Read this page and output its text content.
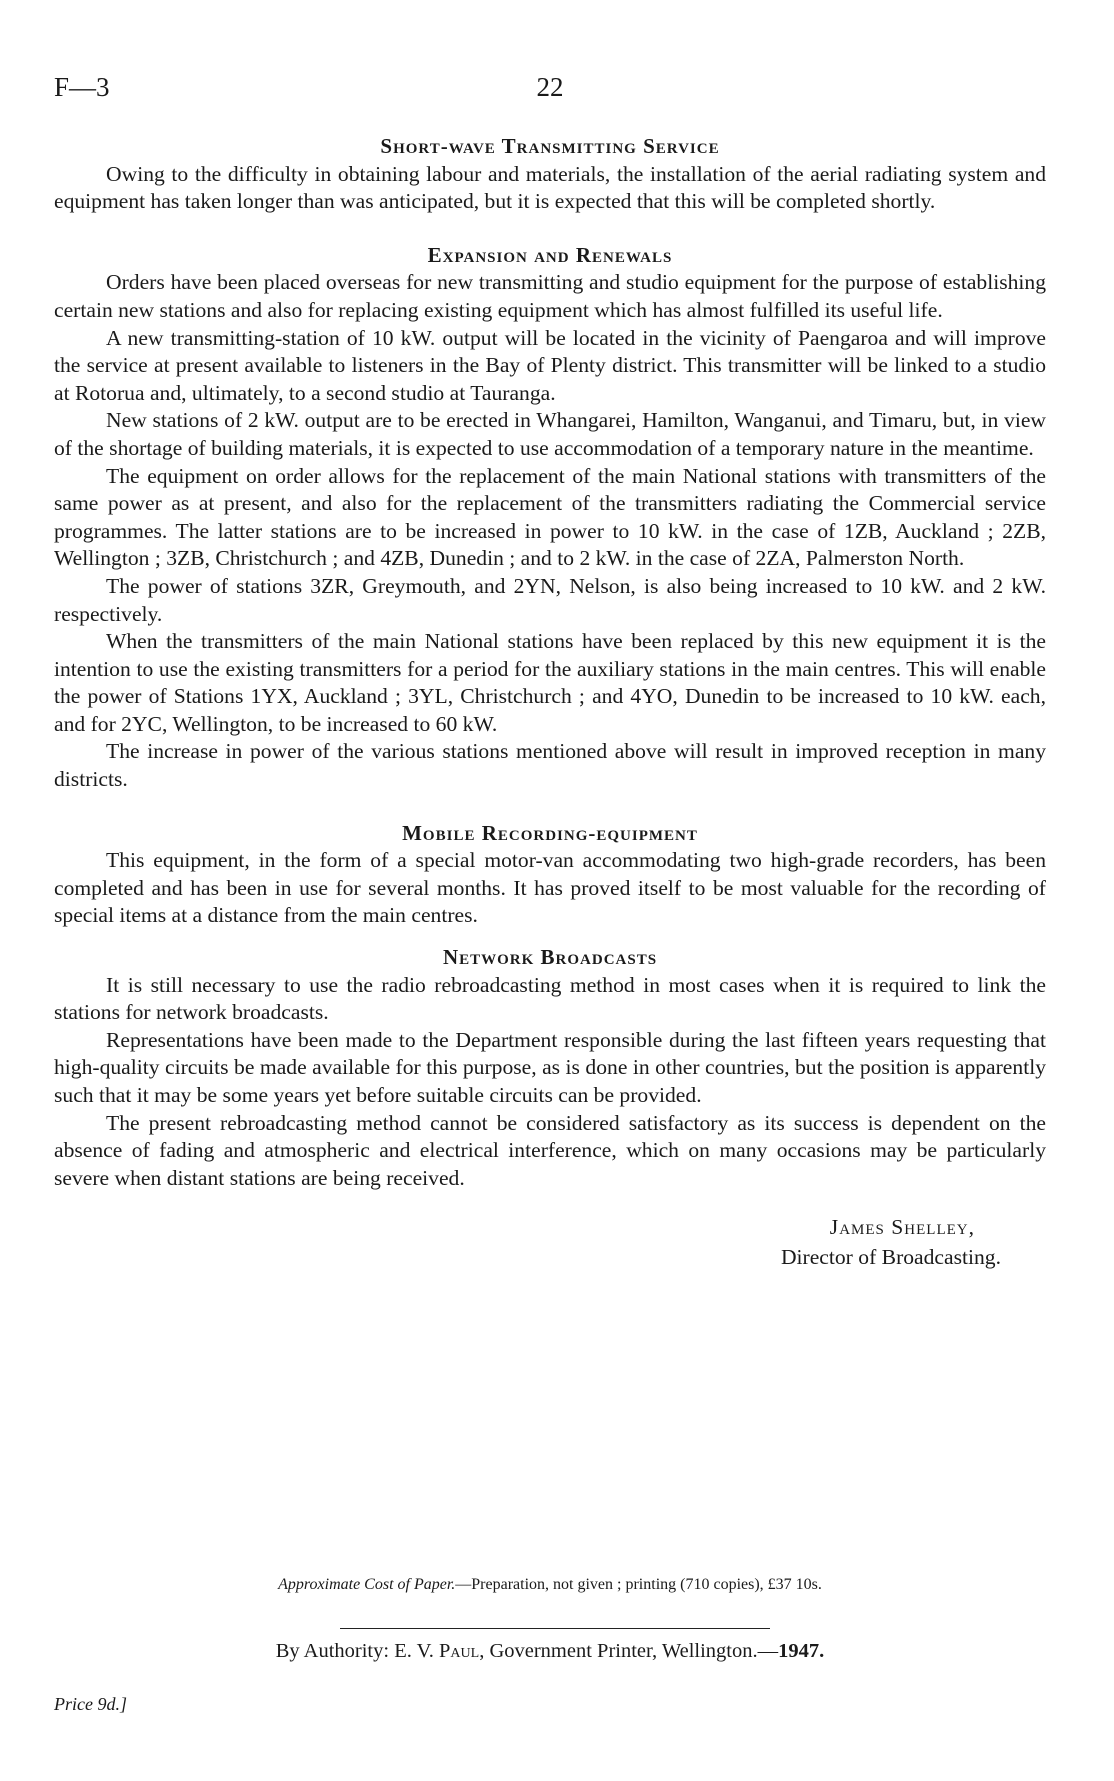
F—3	22
Short-wave Transmitting Service

Owing to the difficulty in obtaining labour and materials, the installation of the aerial radiating system and equipment has taken longer than was anticipated, but it is expected that this will be completed shortly.

Expansion and Renewals

Orders have been placed overseas for new transmitting and studio equipment for the purpose of establishing certain new stations and also for replacing existing equipment which has almost fulfilled its useful life.

A new transmitting-station of 10 kW. output will be located in the vicinity of Paengaroa and will improve the service at present available to listeners in the Bay of Plenty district. This transmitter will be linked to a studio at Rotorua and, ultimately, to a second studio at Tauranga.

New stations of 2 kW. output are to be erected in Whangarei, Hamilton, Wanganui, and Timaru, but, in view of the shortage of building materials, it is expected to use accommodation of a temporary nature in the meantime.

The equipment on order allows for the replacement of the main National stations with transmitters of the same power as at present, and also for the replacement of the transmitters radiating the Commercial service programmes. The latter stations are to be increased in power to 10 kW. in the case of 1ZB, Auckland ; 2ZB, Wellington ; 3ZB, Christchurch ; and 4ZB, Dunedin ; and to 2 kW. in the case of 2ZA, Palmerston North.

The power of stations 3ZR, Greymouth, and 2YN, Nelson, is also being increased to 10 kW. and 2 kW. respectively.

When the transmitters of the main National stations have been replaced by this new equipment it is the intention to use the existing transmitters for a period for the auxiliary stations in the main centres. This will enable the power of Stations 1YX, Auckland ; 3YL, Christchurch ; and 4YO, Dunedin to be increased to 10 kW. each, and for 2YC, Wellington, to be increased to 60 kW.

The increase in power of the various stations mentioned above will result in improved reception in many districts.

Mobile Recording-equipment

This equipment, in the form of a special motor-van accommodating two high-grade recorders, has been completed and has been in use for several months. It has proved itself to be most valuable for the recording of special items at a distance from the main centres.

Network Broadcasts

It is still necessary to use the radio rebroadcasting method in most cases when it is required to link the stations for network broadcasts.

Representations have been made to the Department responsible during the last fifteen years requesting that high-quality circuits be made available for this purpose, as is done in other countries, but the position is apparently such that it may be some years yet before suitable circuits can be provided.

The present rebroadcasting method cannot be considered satisfactory as its success is dependent on the absence of fading and atmospheric and electrical interference, which on many occasions may be particularly severe when distant stations are being received.

James Shelley,
Director of Broadcasting.
Approximate Cost of Paper.—Preparation, not given ; printing (710 copies), £37 10s.
By Authority: E. V. Paul, Government Printer, Wellington.—1947.
Price 9d.]
